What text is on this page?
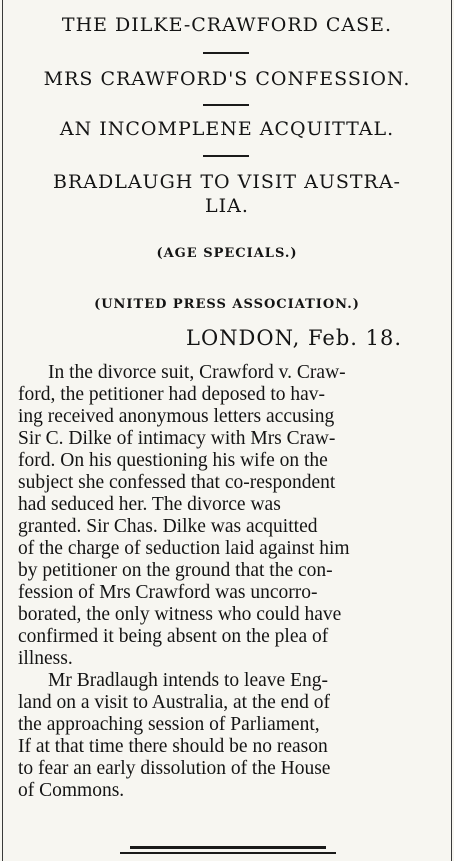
THE DILKE-CRAWFORD CASE.
MRS CRAWFORD'S CONFESSION.
AN INCOMPLENE ACQUITTAL.
BRADLAUGH TO VISIT AUSTRA-
LIA.
(AGE SPECIALS.)
(UNITED PRESS ASSOCIATION.)
LONDON, Feb. 18.
In the divorce suit, Crawford v. Craw-
ford, the petitioner had deposed to hav-
ing received anonymous letters accusing
Sir C. Dilke of intimacy with Mrs Craw-
ford. On his questioning his wife on the
subject she confessed that co-respondent
had seduced her. The divorce was
granted. Sir Chas. Dilke was acquitted
of the charge of seduction laid against him
by petitioner on the ground that the con-
fession of Mrs Crawford was uncorro-
borated, the only witness who could have
confirmed it being absent on the plea of
illness.
Mr Bradlaugh intends to leave Eng-
land on a visit to Australia, at the end of
the approaching session of Parliament,
If at that time there should be no reason
to fear an early dissolution of the House
of Commons.
